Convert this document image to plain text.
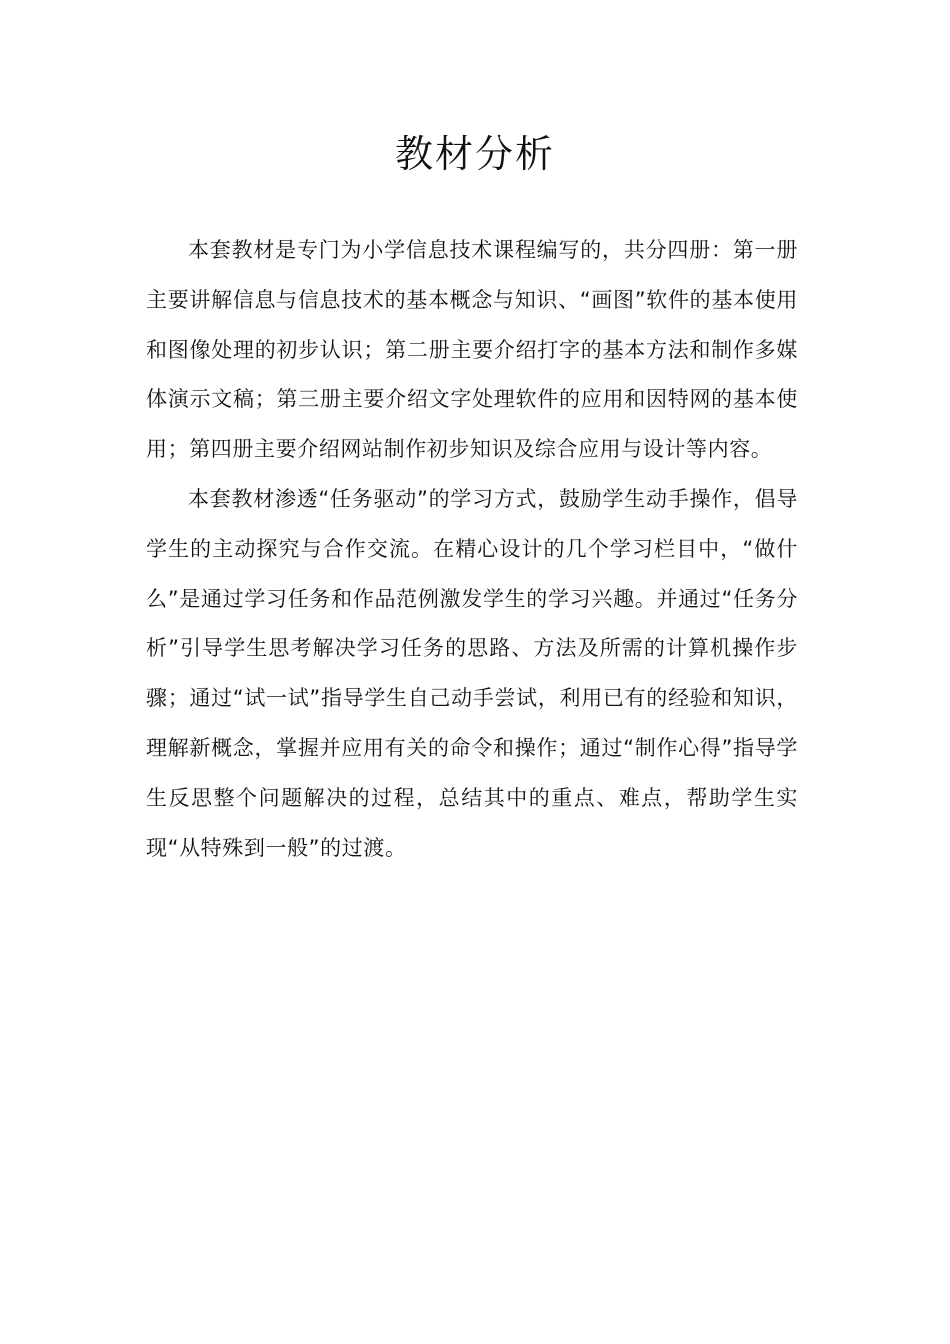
教材分析

本套教材是专门为小学信息技术课程编写的，共分四册：第一册主要讲解信息与信息技术的基本概念与知识、“画图”软件的基本使用和图像处理的初步认识；第二册主要介绍打字的基本方法和制作多媒体演示文稿；第三册主要介绍文字处理软件的应用和因特网的基本使用；第四册主要介绍网站制作初步知识及综合应用与设计等内容。

本套教材渗透“任务驱动”的学习方式，鼓励学生动手操作，倡导学生的主动探究与合作交流。在精心设计的几个学习栏目中，“做什么”是通过学习任务和作品范例激发学生的学习兴趣。并通过“任务分析”引导学生思考解决学习任务的思路、方法及所需的计算机操作步骤；通过“试一试”指导学生自己动手尝试，利用已有的经验和知识，理解新概念，掌握并应用有关的命令和操作；通过“制作心得”指导学生反思整个问题解决的过程，总结其中的重点、难点，帮助学生实现“从特殊到一般”的过渡。
